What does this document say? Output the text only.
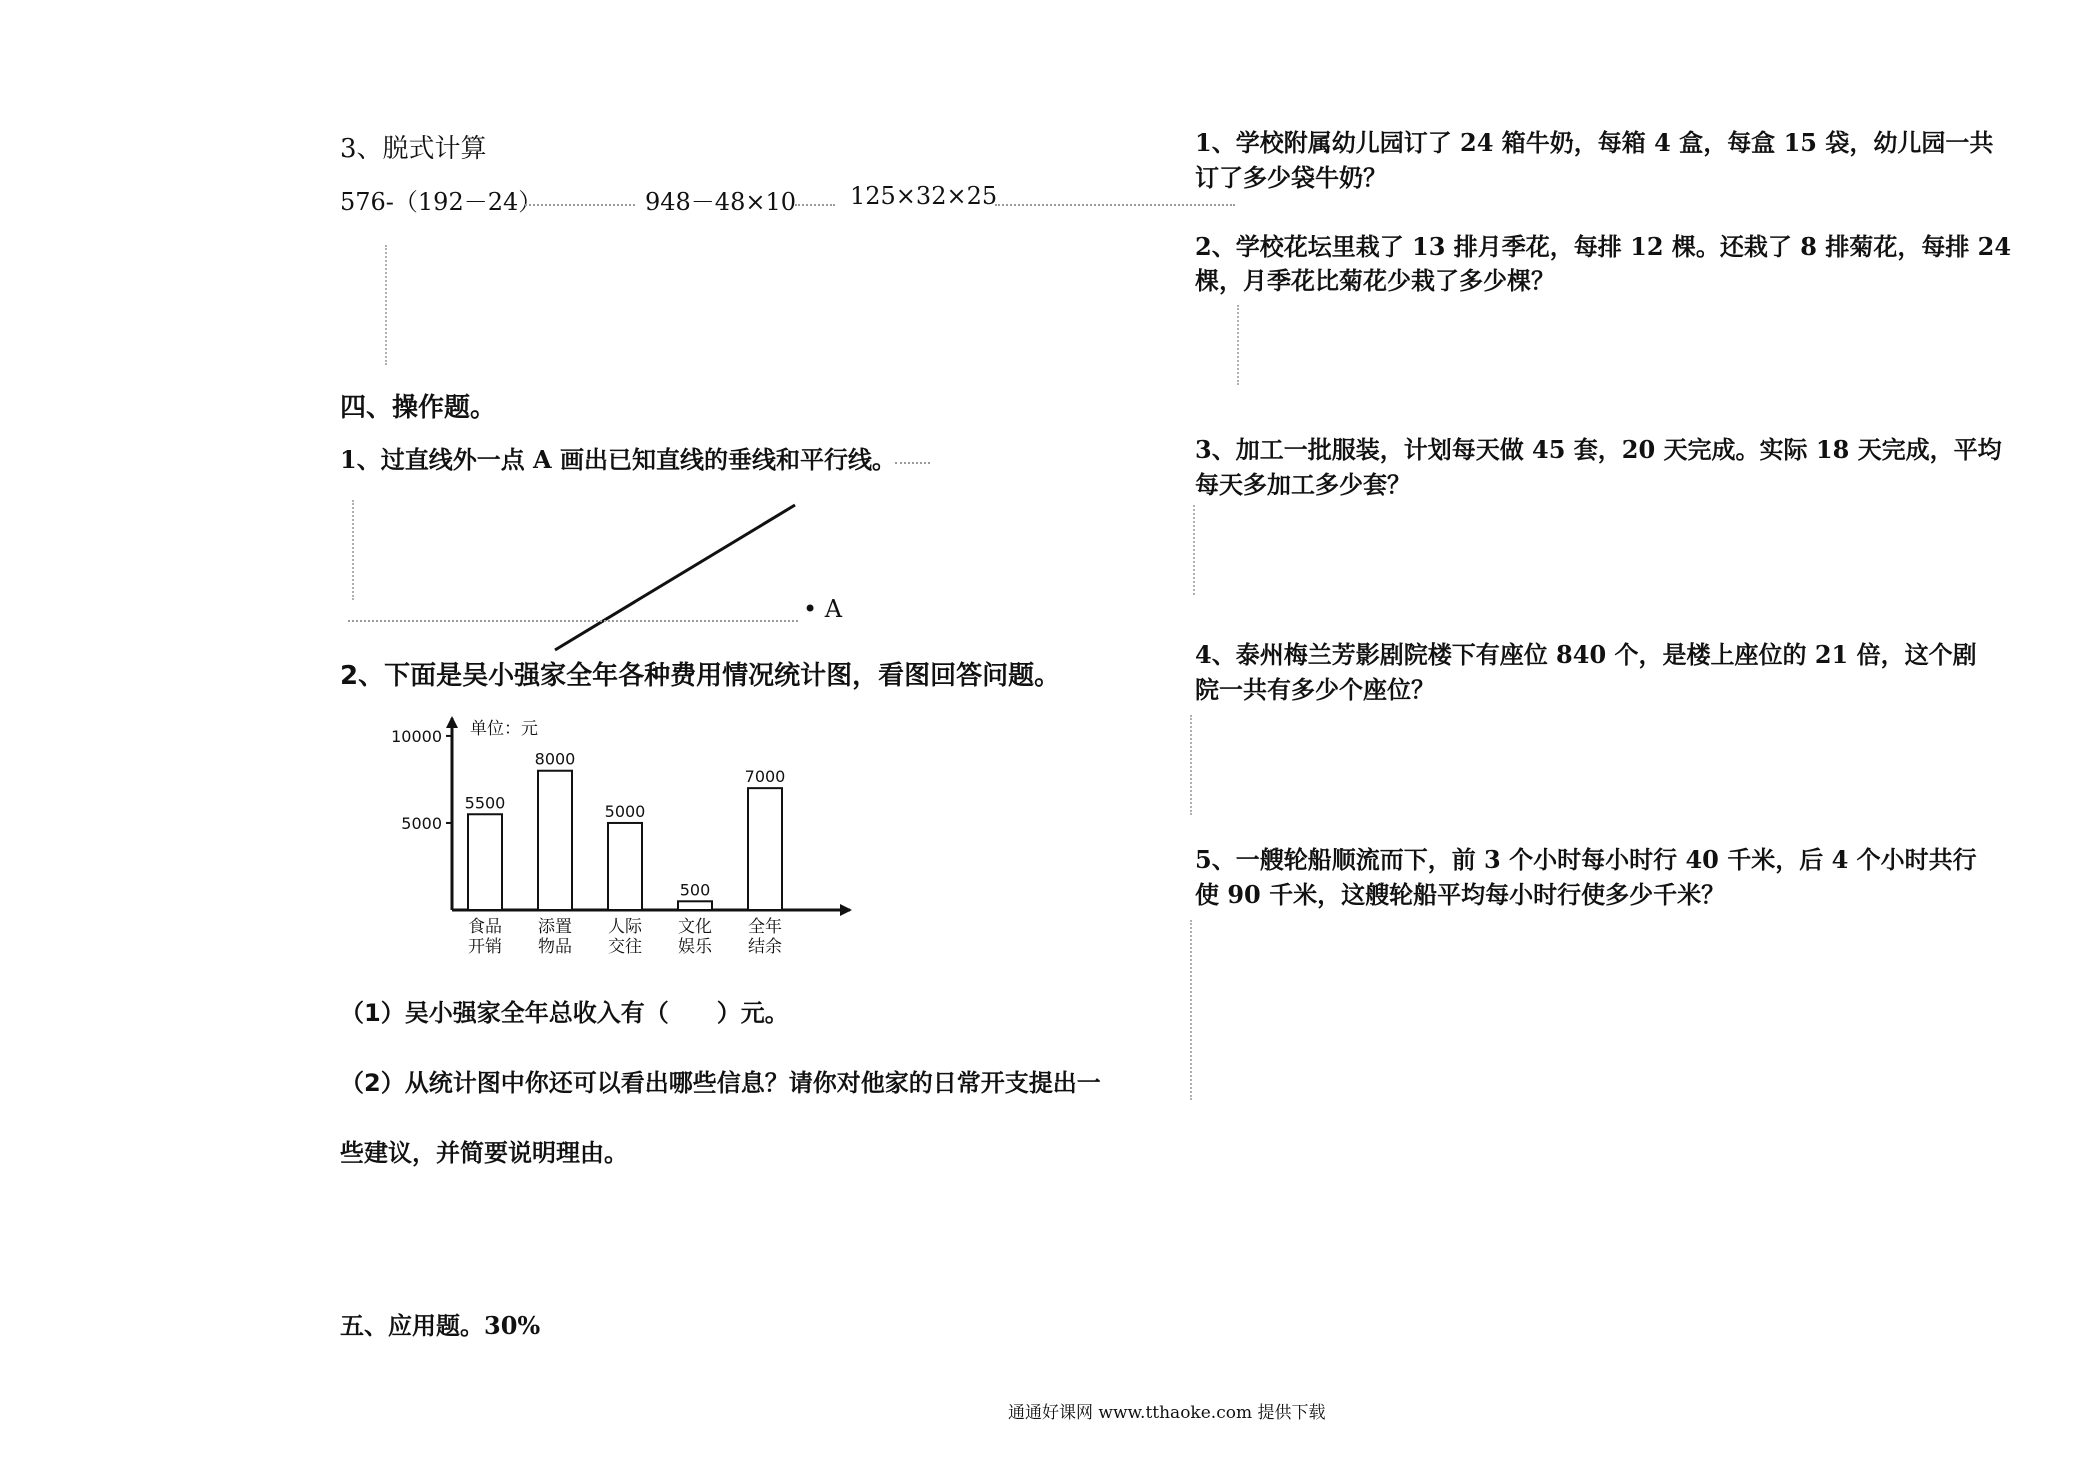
3、脱式计算
576-（192－24）	948－48×10 125×32×25
四、操作题。
1、过直线外一点 A 画出已知直线的垂线和平行线。
• A
2、下面是吴小强家全年各种费用情况统计图，看图回答问题。
单位：元
5000
10000
5500
8000
5000
500
7000
食品
开销
添置
物品
人际
交往
文化
娱乐
全年
结余
（1）吴小强家全年总收入有（　　）元。
（2）从统计图中你还可以看出哪些信息？请你对他家的日常开支提出一
些建议，并简要说明理由。
五、应用题。30%
1、学校附属幼儿园订了 24 箱牛奶，每箱 4 盒，每盒 15 袋，幼儿园一共
订了多少袋牛奶？
2、学校花坛里栽了 13 排月季花，每排 12 棵。还栽了 8 排菊花，每排 24
棵，月季花比菊花少栽了多少棵？
3、加工一批服装，计划每天做 45 套，20 天完成。实际 18 天完成，平均
每天多加工多少套？
4、泰州梅兰芳影剧院楼下有座位 840 个，是楼上座位的 21 倍，这个剧
院一共有多少个座位？
5、一艘轮船顺流而下，前 3 个小时每小时行 40 千米，后 4 个小时共行
使 90 千米，这艘轮船平均每小时行使多少千米？
通通好课网 www.tthaoke.com 提供下载
